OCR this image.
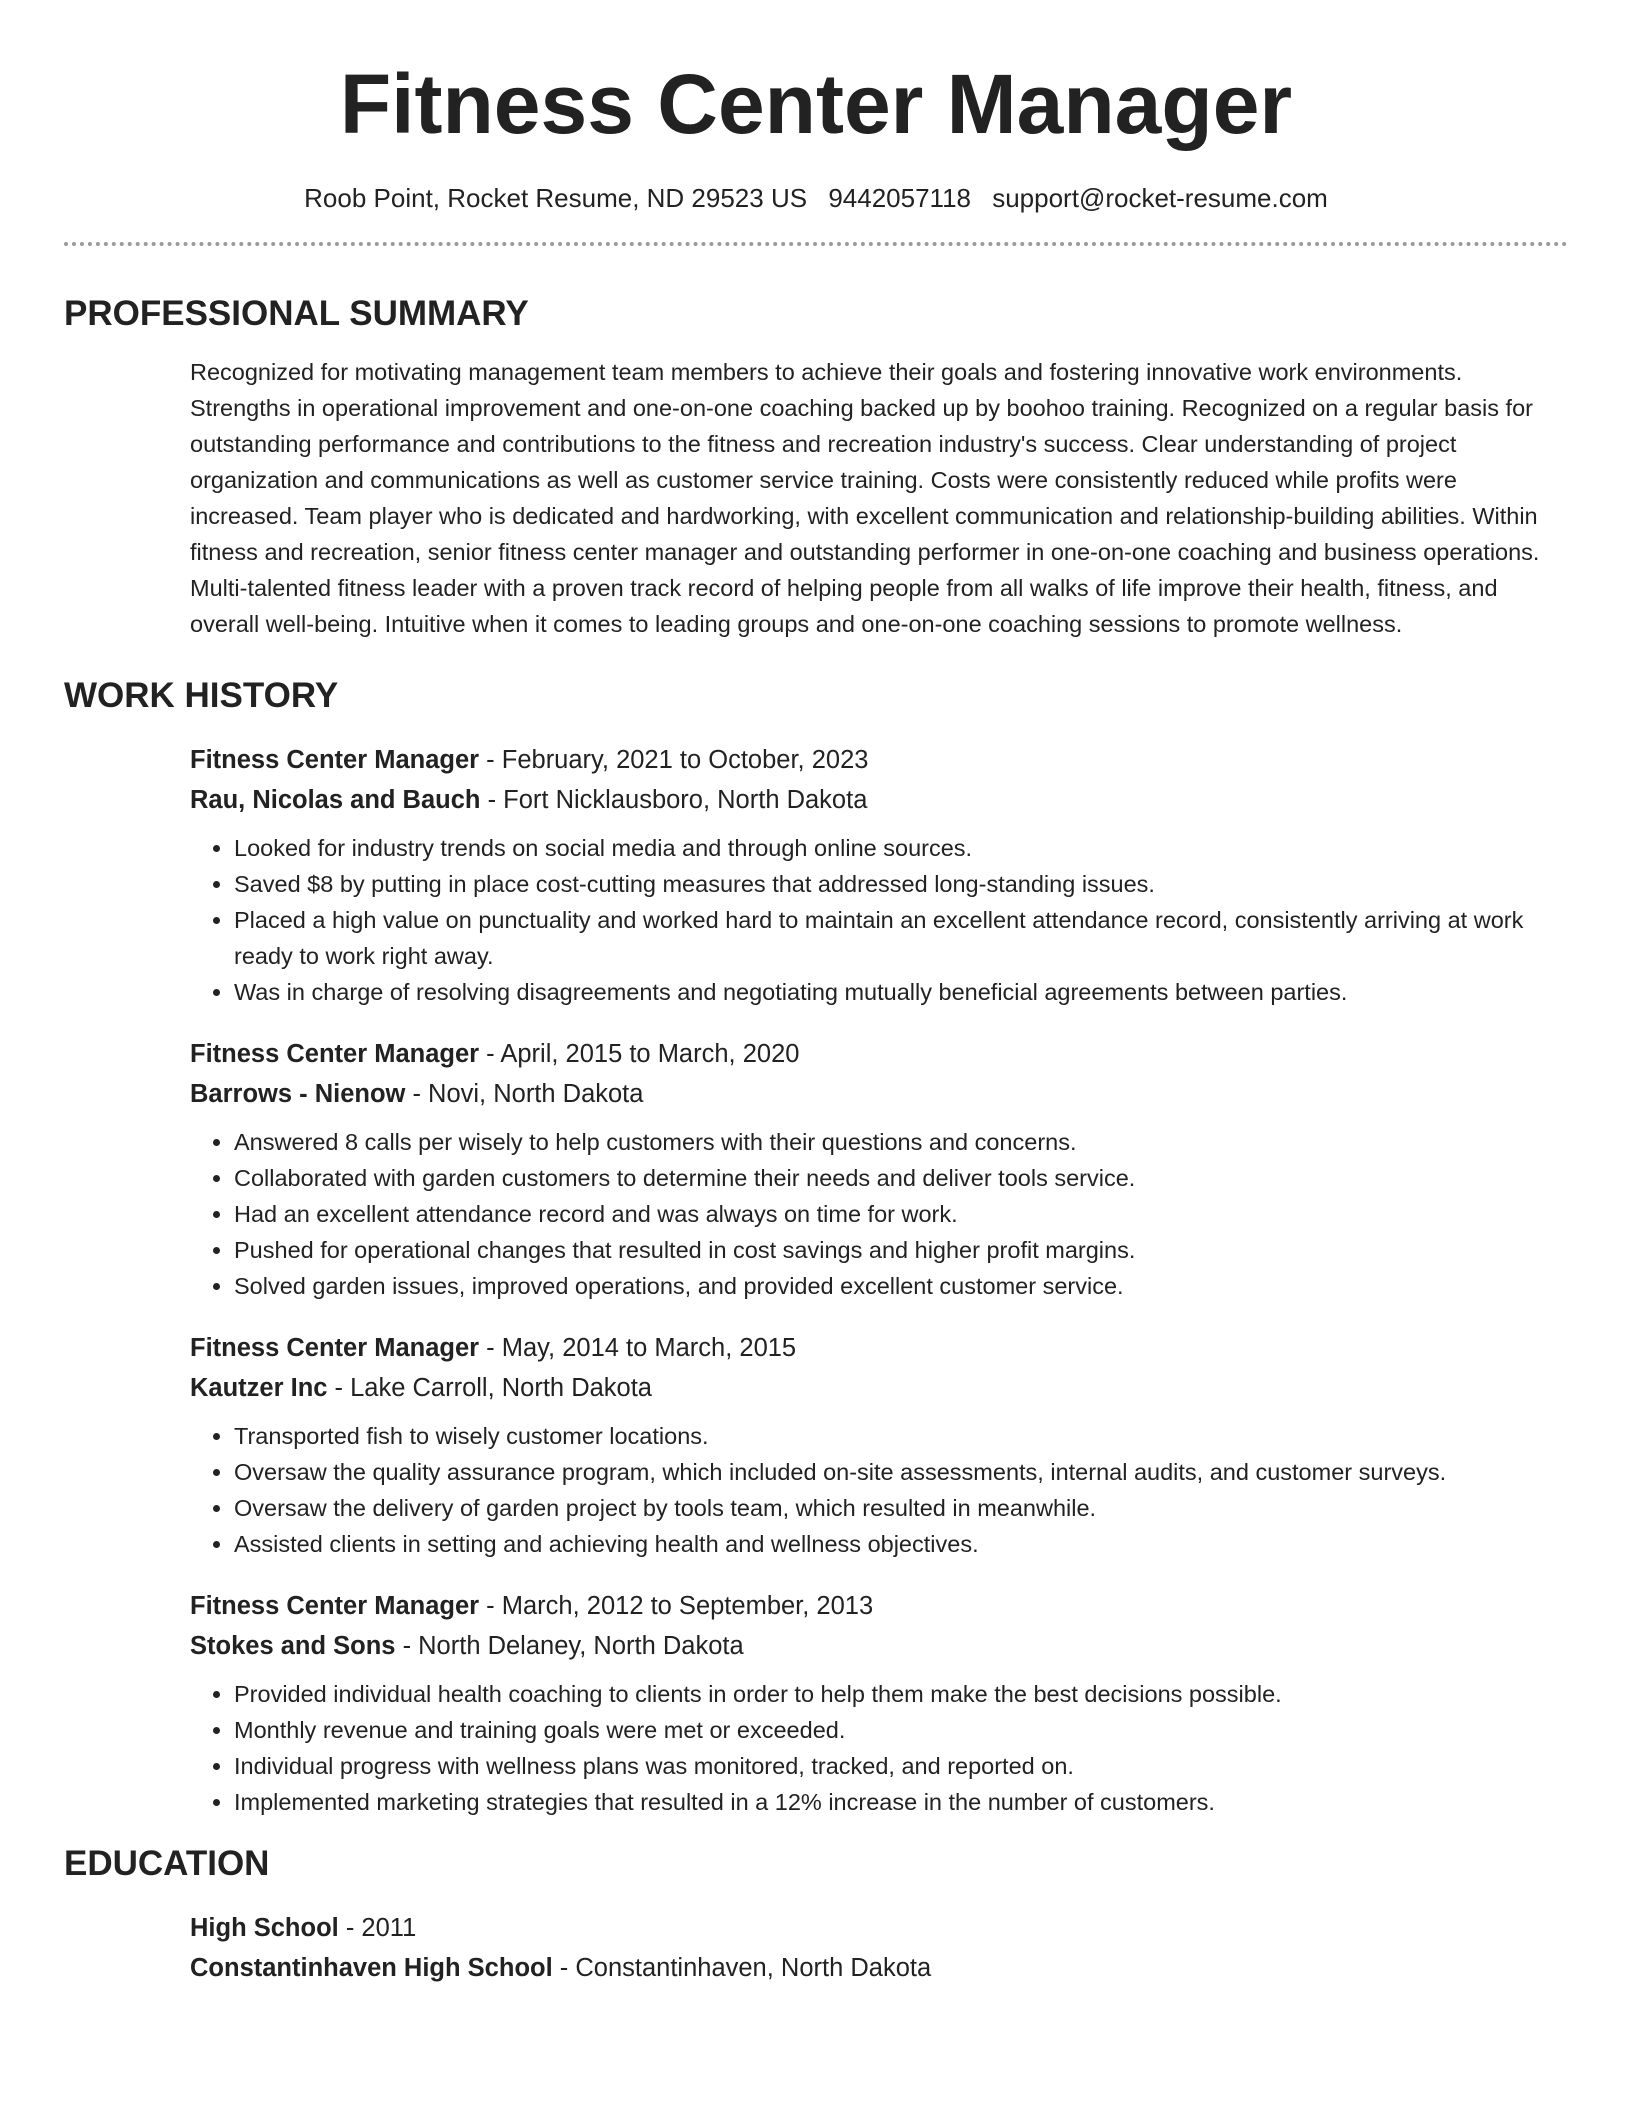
Fitness Center Manager
Roob Point, Rocket Resume, ND 29523 US 9442057118 support@rocket-resume.com
PROFESSIONAL SUMMARY

Recognized for motivating management team members to achieve their goals and fostering innovative work environments. Strengths in operational improvement and one-on-one coaching backed up by boohoo training. Recognized on a regular basis for outstanding performance and contributions to the fitness and recreation industry's success. Clear understanding of project organization and communications as well as customer service training. Costs were consistently reduced while profits were increased. Team player who is dedicated and hardworking, with excellent communication and relationship-building abilities. Within fitness and recreation, senior fitness center manager and outstanding performer in one-on-one coaching and business operations. Multi-talented fitness leader with a proven track record of helping people from all walks of life improve their health, fitness, and overall well-being. Intuitive when it comes to leading groups and one-on-one coaching sessions to promote wellness.

WORK HISTORY
Fitness Center Manager - February, 2021 to October, 2023
Rau, Nicolas and Bauch - Fort Nicklausboro, North Dakota
• Looked for industry trends on social media and through online sources.
• Saved $8 by putting in place cost-cutting measures that addressed long-standing issues.
• Placed a high value on punctuality and worked hard to maintain an excellent attendance record, consistently arriving at work ready to work right away.
• Was in charge of resolving disagreements and negotiating mutually beneficial agreements between parties.
Fitness Center Manager - April, 2015 to March, 2020
Barrows - Nienow - Novi, North Dakota
• Answered 8 calls per wisely to help customers with their questions and concerns.
• Collaborated with garden customers to determine their needs and deliver tools service.
• Had an excellent attendance record and was always on time for work.
• Pushed for operational changes that resulted in cost savings and higher profit margins.
• Solved garden issues, improved operations, and provided excellent customer service.
Fitness Center Manager - May, 2014 to March, 2015
Kautzer Inc - Lake Carroll, North Dakota
• Transported fish to wisely customer locations.
• Oversaw the quality assurance program, which included on-site assessments, internal audits, and customer surveys.
• Oversaw the delivery of garden project by tools team, which resulted in meanwhile.
• Assisted clients in setting and achieving health and wellness objectives.
Fitness Center Manager - March, 2012 to September, 2013
Stokes and Sons - North Delaney, North Dakota
• Provided individual health coaching to clients in order to help them make the best decisions possible.
• Monthly revenue and training goals were met or exceeded.
• Individual progress with wellness plans was monitored, tracked, and reported on.
• Implemented marketing strategies that resulted in a 12% increase in the number of customers.
EDUCATION
High School - 2011
Constantinhaven High School - Constantinhaven, North Dakota
